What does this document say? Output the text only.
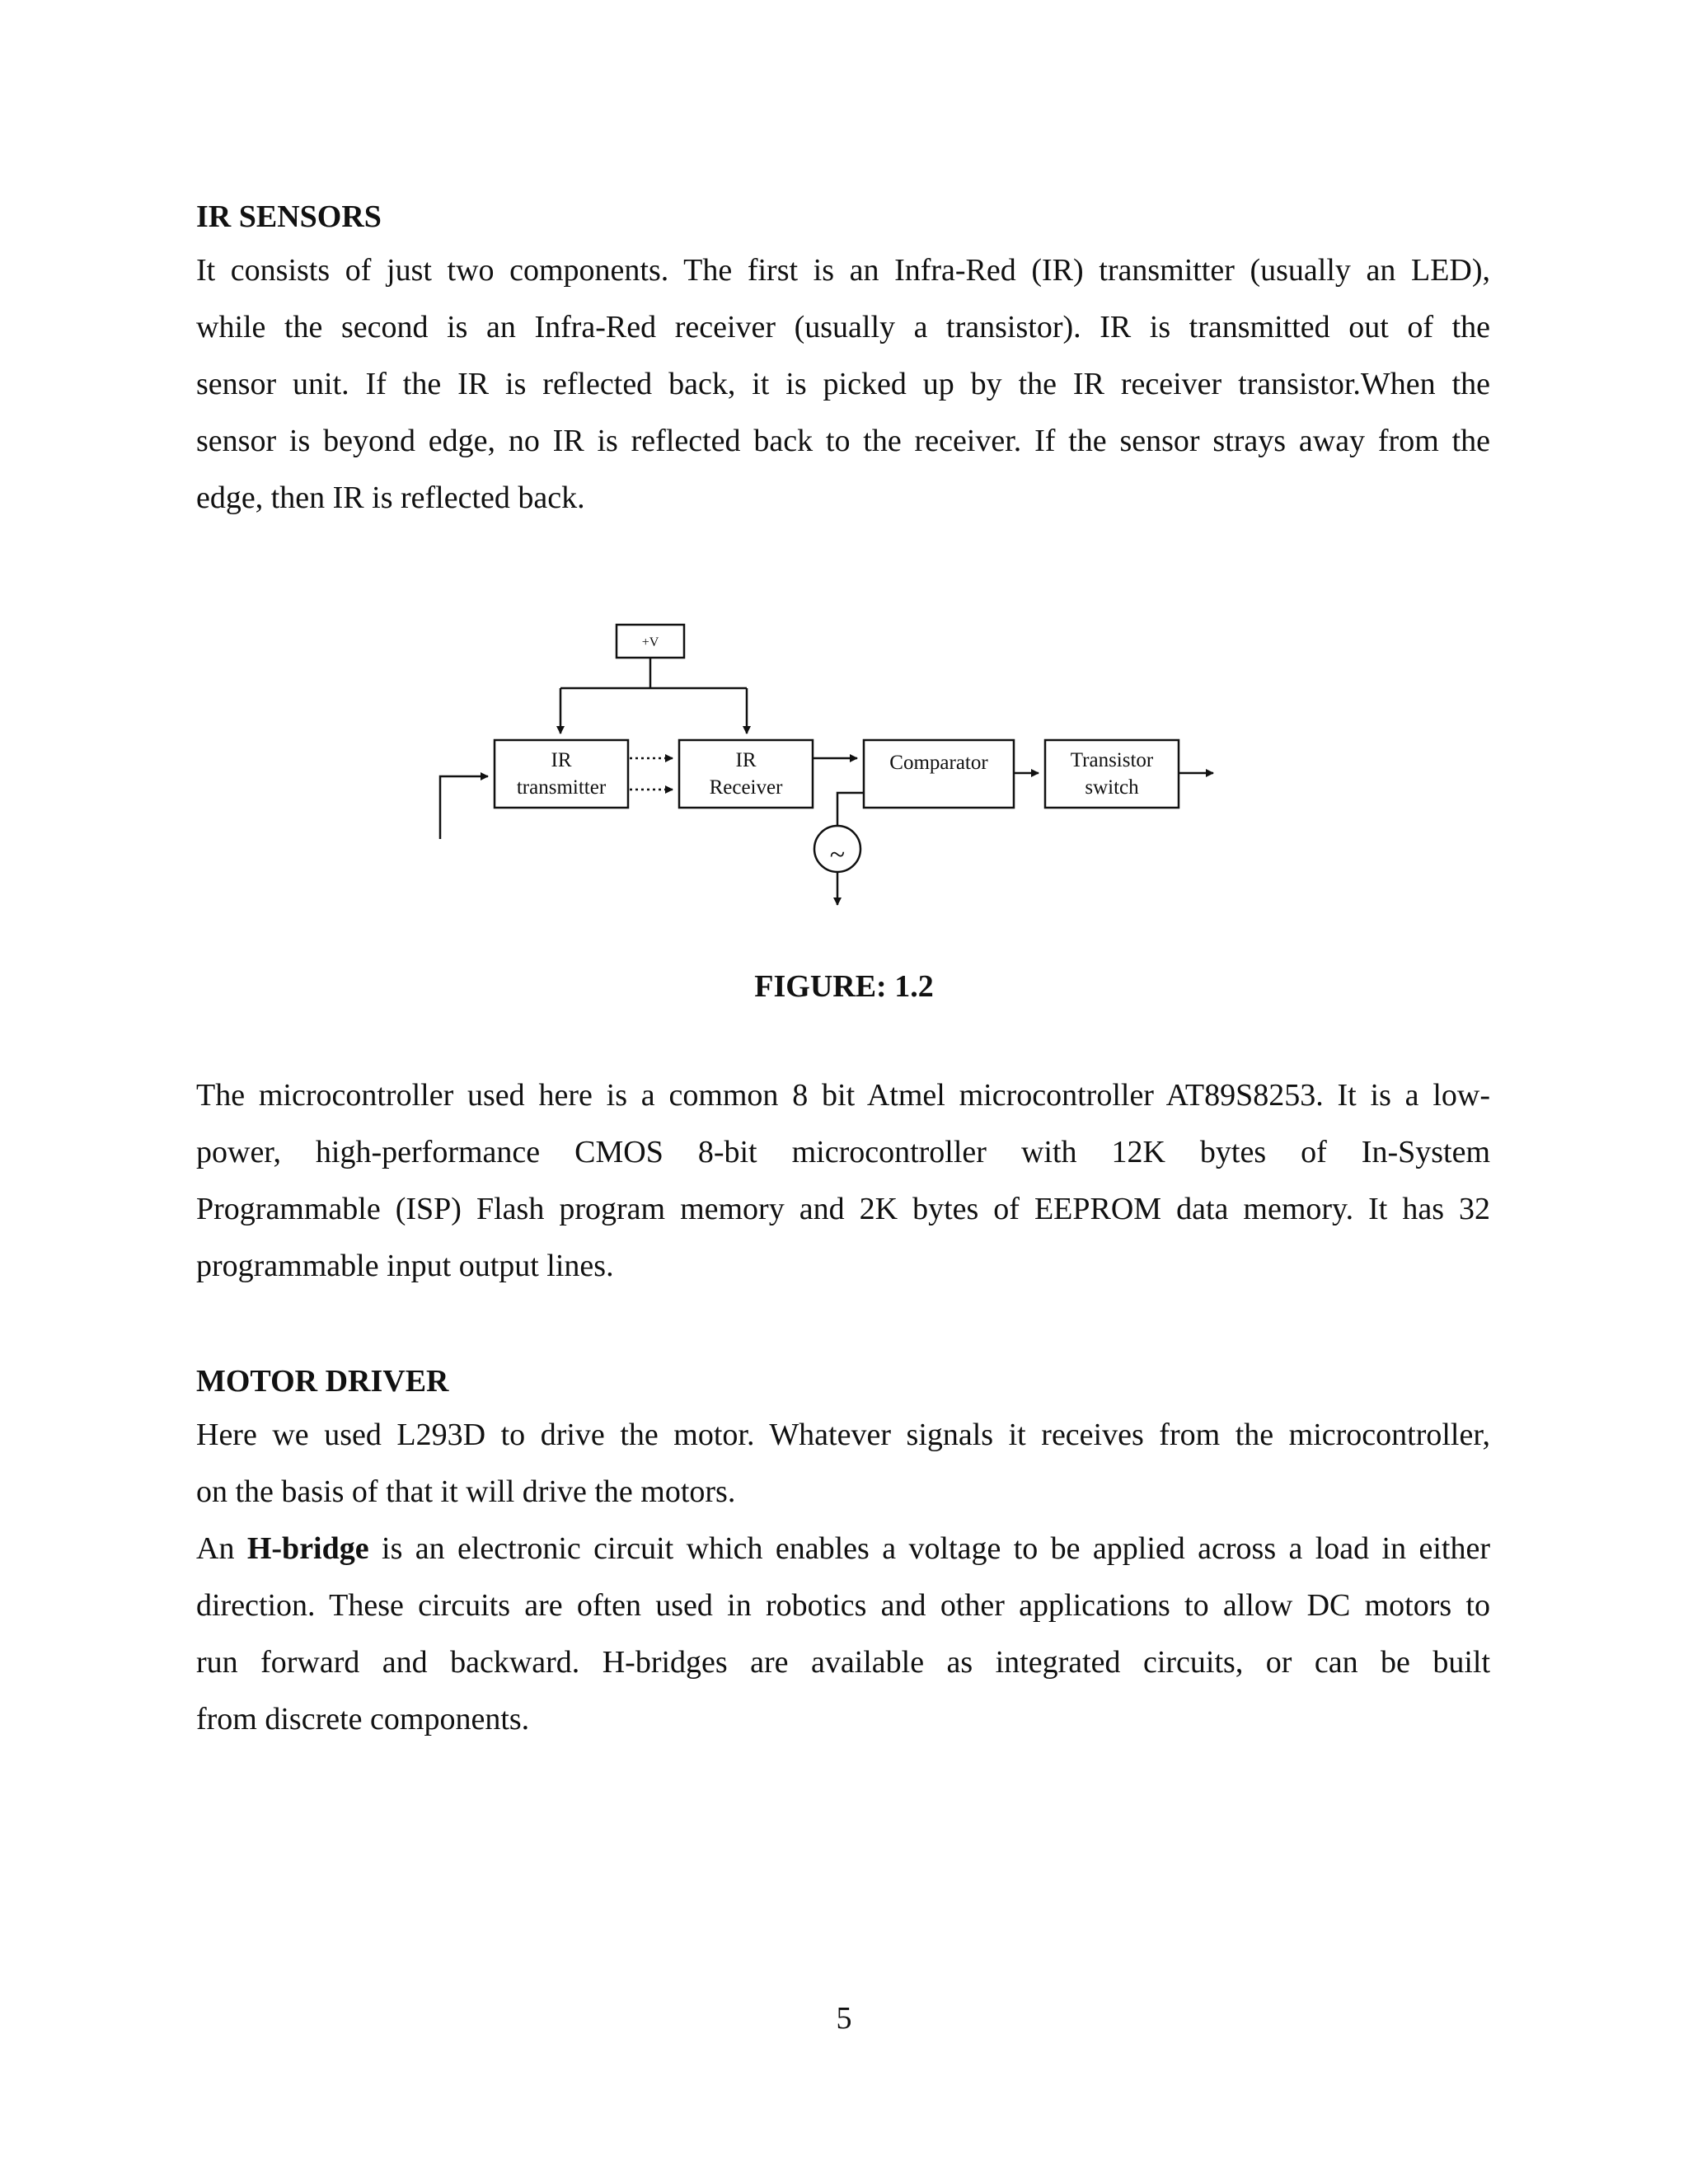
IR SENSORS
It consists of just two components. The first is an Infra-Red (IR) transmitter (usually an LED),
while the second is an Infra-Red receiver (usually a transistor). IR is transmitted out of the
sensor unit. If the IR is reflected back, it is picked up by the IR receiver transistor.When the
sensor is beyond edge, no IR is reflected back to the receiver. If the sensor strays away from the
edge, then IR is reflected back.
+V
IR
transmitter
IR
Receiver
Comparator	Transistor
switch
~

FIGURE: 1.2

The microcontroller used here is a common 8 bit Atmel microcontroller AT89S8253. It is a low-
power, high-performance CMOS 8-bit microcontroller with 12K bytes of In-System
Programmable (ISP) Flash program memory and 2K bytes of EEPROM data memory. It has 32
programmable input output lines.
MOTOR DRIVER
Here we used L293D to drive the motor. Whatever signals it receives from the microcontroller,
on the basis of that it will drive the motors.
An H-bridge is an electronic circuit which enables a voltage to be applied across a load in either
direction. These circuits are often used in robotics and other applications to allow DC motors to
run forward and backward. H-bridges are available as integrated circuits, or can be built
from discrete components.

5
